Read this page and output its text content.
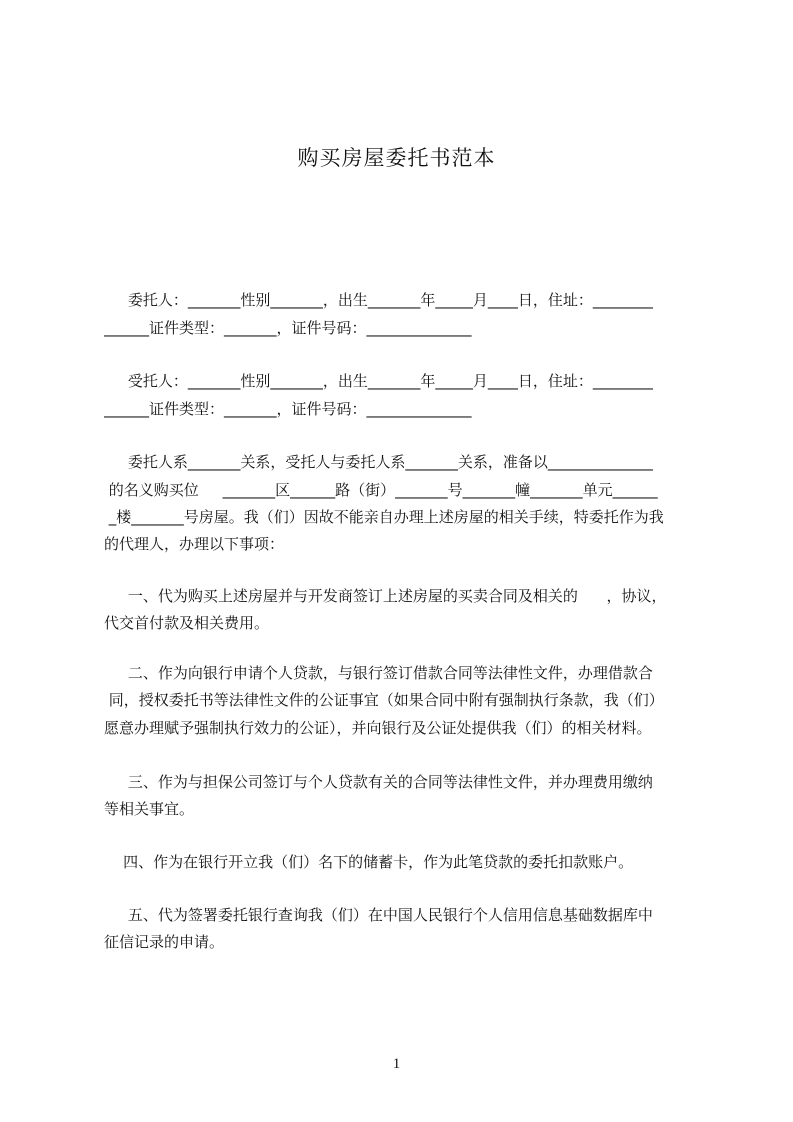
购买房屋委托书范本
委托人：_______性别_______，出生_______年_____月____日，住址：________
______证件类型：_______，证件号码：______________
受托人：_______性别_______，出生_______年_____月____日，住址：________
______证件类型：_______，证件号码：______________
委托人系_______关系，受托人与委托人系_______关系，准备以______________
的名义购买位     _______区______路（街）_______号_______幢_______单元______
_楼_______号房屋。我（们）因故不能亲自办理上述房屋的相关手续，特委托作为我
的代理人，办理以下事项：
一、代为购买上述房屋并与开发商签订上述房屋的买卖合同及相关的      ，协议，
代交首付款及相关费用。
二、作为向银行申请个人贷款，与银行签订借款合同等法律性文件，办理借款合
同，授权委托书等法律性文件的公证事宜（如果合同中附有强制执行条款，我（们）
愿意办理赋予强制执行效力的公证），并向银行及公证处提供我（们）的相关材料。
三、作为与担保公司签订与个人贷款有关的合同等法律性文件，并办理费用缴纳
等相关事宜。
四、作为在银行开立我（们）名下的储蓄卡，作为此笔贷款的委托扣款账户。
五、代为签署委托银行查询我（们）在中国人民银行个人信用信息基础数据库中
征信记录的申请。
1
